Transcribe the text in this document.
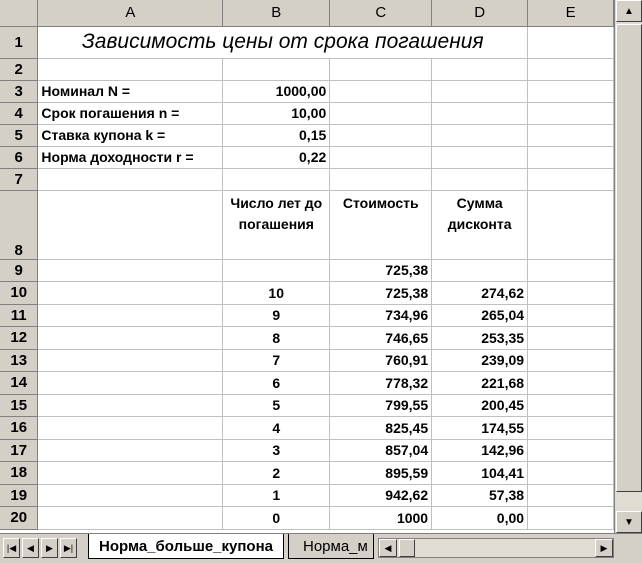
	A	B	C	D	E
1	Зависимость цены от срока погашения				
2					
3	Номинал N =	1000,00			
4	Срок погашения n =	10,00			
5	Ставка купона k =	0,15			
6	Норма доходности r =	0,22			
7					
8		Число лет до погашения	Стоимость	Сумма дисконта	
9			725,38		
10		10	725,38	274,62	
11		9	734,96	265,04	
12		8	746,65	253,35	
13		7	760,91	239,09	
14		6	778,32	221,68	
15		5	799,55	200,45	
16		4	825,45	174,55	
17		3	857,04	142,96	
18		2	895,59	104,41	
19		1	942,62	57,38	
20		0	1000	0,00	
▲
▼
|◀	◀	▶	▶|	Норма_больше_купона	Норма_м	◀	▶
